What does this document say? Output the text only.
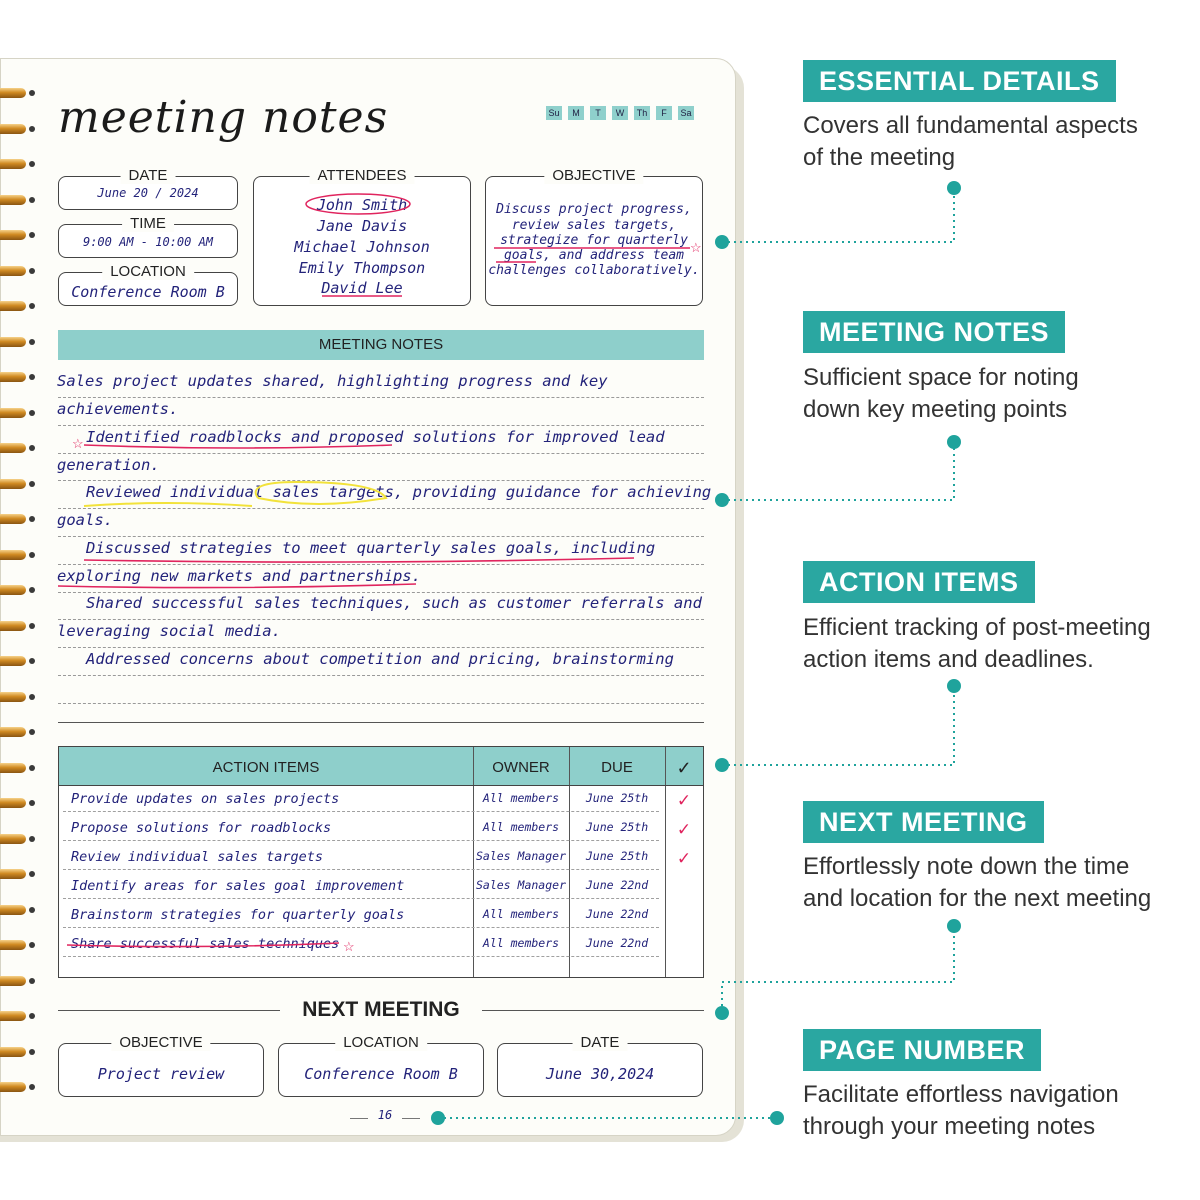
meeting notes	Su	M	T	W	Th	F	Sa
DATE
June 20 / 2024
TIME
9:00 AM - 10:00 AM
LOCATION
Conference Room B
ATTENDEES
John Smith
Jane Davis
Michael Johnson
Emily Thompson
David Lee
OBJECTIVE
Discuss project progress,
review sales targets,
strategize for quarterly
goals, and address team
challenges collaboratively.
☆
MEETING NOTES
Sales project updates shared, highlighting progress and key
achievements.
Identified roadblocks and proposed solutions for improved lead
generation.
Reviewed individual sales targets, providing guidance for achieving
goals.
Discussed strategies to meet quarterly sales goals, including
exploring new markets and partnerships.
Shared successful sales techniques, such as customer referrals and
leveraging social media.
Addressed concerns about competition and pricing, brainstorming
☆
ACTION ITEMS	OWNER	DUE	✓
Provide updates on sales projects	All members	June 25th	✓
Propose solutions for roadblocks	All members	June 25th	✓
Review individual sales targets	Sales Manager	June 25th	✓
Identify areas for sales goal improvement	Sales Manager	June 22nd
Brainstorm strategies for quarterly goals	All members	June 22nd
Share successful sales techniques	All members	June 22nd
☆
NEXT MEETING
OBJECTIVE
Project review
LOCATION
Conference Room B
DATE
June 30,2024
16
ESSENTIAL DETAILS
Covers all fundamental aspects
of the meeting
MEETING NOTES
Sufficient space for noting
down key meeting points
ACTION ITEMS
Efficient tracking of post-meeting
action items and deadlines.
NEXT MEETING
Effortlessly note down the time
and location for the next meeting
PAGE NUMBER
Facilitate effortless navigation
through your meeting notes
